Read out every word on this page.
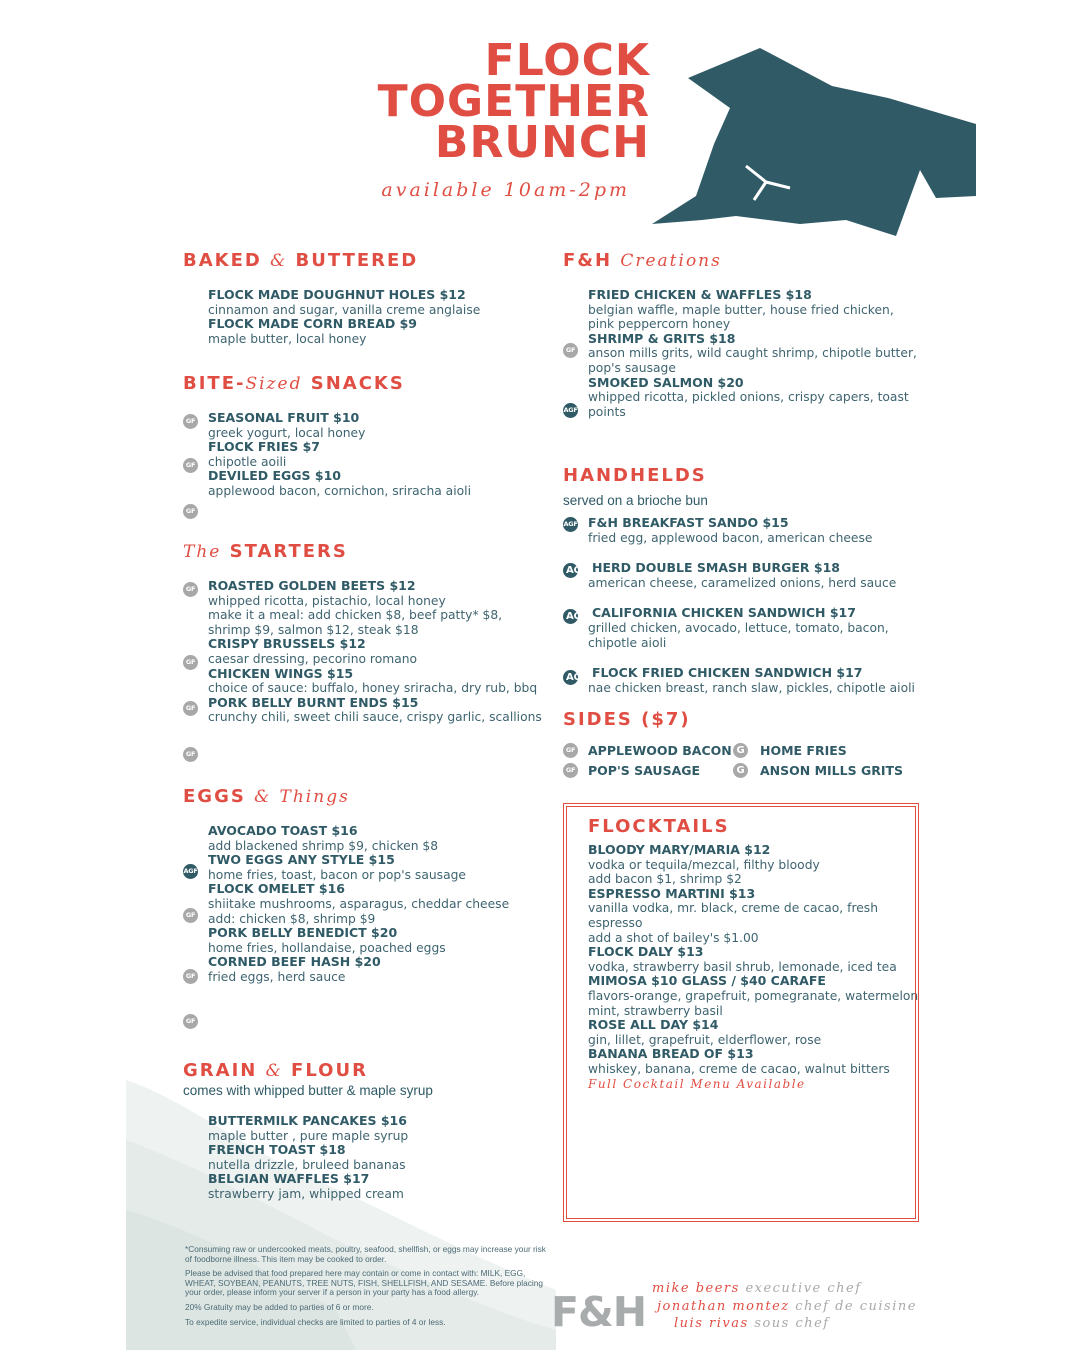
FLOCK
TOGETHER
BRUNCH
available 10am-2pm
BAKED & BUTTERED
FLOCK MADE DOUGHNUT HOLES $12
cinnamon and sugar, vanilla creme anglaise
FLOCK MADE CORN BREAD $9
maple butter, local honey
BITE-Sized SNACKS
GF
GF
GF
SEASONAL FRUIT $10
greek yogurt, local honey
FLOCK FRIES $7
chipotle aoili
DEVILED EGGS $10
applewood bacon, cornichon, sriracha aioli
The STARTERS
GF
GF
GF
GF
ROASTED GOLDEN BEETS $12
whipped ricotta, pistachio, local honey
make it a meal: add chicken $8, beef patty* $8, shrimp $9, salmon $12, steak $18
CRISPY BRUSSELS $12
caesar dressing, pecorino romano
CHICKEN WINGS $15
choice of sauce: buffalo, honey sriracha, dry rub, bbq
PORK BELLY BURNT ENDS $15
crunchy chili, sweet chili sauce, crispy garlic, scallions
EGGS & Things
AGF
GF
GF
GF
AVOCADO TOAST $16
add blackened shrimp $9, chicken $8
TWO EGGS ANY STYLE $15
home fries, toast, bacon or pop's sausage
FLOCK OMELET $16
shiitake mushrooms, asparagus, cheddar cheese
add: chicken $8, shrimp $9
PORK BELLY BENEDICT $20
home fries, hollandaise, poached eggs
CORNED BEEF HASH $20
fried eggs, herd sauce
GRAIN & FLOUR
comes with whipped butter & maple syrup
BUTTERMILK PANCAKES $16
maple butter , pure maple syrup
FRENCH TOAST $18
nutella drizzle, bruleed bananas
BELGIAN WAFFLES $17
strawberry jam, whipped cream
F&H Creations
GF
AGF
FRIED CHICKEN & WAFFLES $18
belgian waffle, maple butter, house fried chicken, pink peppercorn honey
SHRIMP & GRITS $18
anson mills grits, wild caught shrimp, chipotle butter, pop's sausage
SMOKED SALMON $20
whipped ricotta, pickled onions, crispy capers, toast points
HANDHELDS
served on a brioche bun
AGF
AG
AG
AG
F&H BREAKFAST SANDO $15
fried egg, applewood bacon, american cheese
HERD DOUBLE SMASH BURGER $18
american cheese, caramelized onions, herd sauce
CALIFORNIA CHICKEN SANDWICH $17
grilled chicken, avocado, lettuce, tomato, bacon, chipotle aioli
FLOCK FRIED CHICKEN SANDWICH $17
nae chicken breast, ranch slaw, pickles, chipotle aioli
SIDES ($7)
GF APPLEWOOD BACON
GF POP'S SAUSAGE
G HOME FRIES
G ANSON MILLS GRITS
FLOCKTAILS
BLOODY MARY/MARIA $12
vodka or tequila/mezcal, filthy bloody
add bacon $1, shrimp $2
ESPRESSO MARTINI $13
vanilla vodka, mr. black, creme de cacao, fresh espresso
add a shot of bailey's $1.00
FLOCK DALY $13
vodka, strawberry basil shrub, lemonade, iced tea
MIMOSA $10 GLASS / $40 CARAFE
flavors-orange, grapefruit, pomegranate, watermelon
mint, strawberry basil
ROSE ALL DAY $14
gin, lillet, grapefruit, elderflower, rose
BANANA BREAD OF $13
whiskey, banana, creme de cacao, walnut bitters
Full Cocktail Menu Available

*Consuming raw or undercooked meats, poultry, seafood, shellfish, or eggs may increase your risk of foodborne illness. This item may be cooked to order.

Please be advised that food prepared here may contain or come in contact with: MILK, EGG, WHEAT, SOYBEAN, PEANUTS, TREE NUTS, FISH, SHELLFISH, AND SESAME. Before placing your order, please inform your server if a person in your party has a food allergy.

20% Gratuity may be added to parties of 6 or more.

To expedite service, individual checks are limited to parties of 4 or less.	F&H mike beers executive chef
jonathan montez chef de cuisine
luis rivas sous chef
